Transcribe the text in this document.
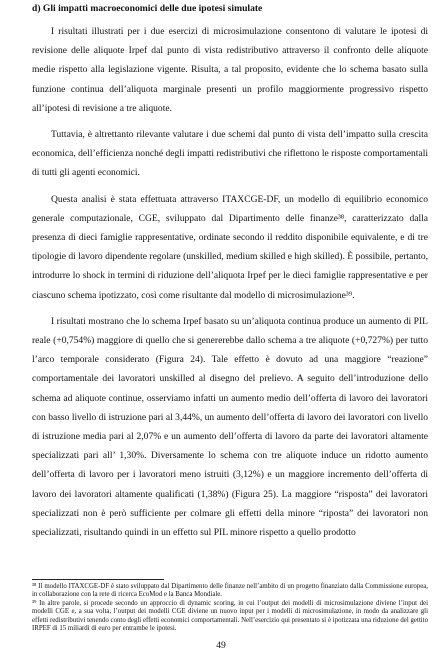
d) Gli impatti macroeconomici delle due ipotesi simulate

I risultati illustrati per i due esercizi di microsimulazione consentono di valutare le ipotesi di revisione delle aliquote Irpef dal punto di vista redistributivo attraverso il confronto delle aliquote medie rispetto alla legislazione vigente. Risulta, a tal proposito, evidente che lo schema basato sulla funzione continua dell’aliquota marginale presenti un profilo maggiormente progressivo rispetto all’ipotesi di revisione a tre aliquote.

Tuttavia, è altrettanto rilevante valutare i due schemi dal punto di vista dell’impatto sulla crescita economica, dell’efficienza nonché degli impatti redistributivi che riflettono le risposte comportamentali di tutti gli agenti economici.

Questa analisi è stata effettuata attraverso ITAXCGE-DF, un modello di equilibrio economico generale computazionale, CGE, sviluppato dal Dipartimento delle finanze³⁸, caratterizzato dalla presenza di dieci famiglie rappresentative, ordinate secondo il reddito disponibile equivalente, e di tre tipologie di lavoro dipendente regolare (unskilled, medium skilled e high skilled). È possibile, pertanto, introdurre lo shock in termini di riduzione dell’aliquota Irpef per le dieci famiglie rappresentative e per ciascuno schema ipotizzato, così come risultante dal modello di microsimulazione³⁹.

I risultati mostrano che lo schema Irpef basato su un’aliquota continua produce un aumento di PIL reale (+0,754%) maggiore di quello che si genererebbe dallo schema a tre aliquote (+0,727%) per tutto l’arco temporale considerato (Figura 24). Tale effetto è dovuto ad una maggiore “reazione” comportamentale dei lavoratori unskilled al disegno del prelievo. A seguito dell’introduzione dello schema ad aliquote continue, osserviamo infatti un aumento medio dell’offerta di lavoro dei lavoratori con basso livello di istruzione pari al 3,44%, un aumento dell’offerta di lavoro dei lavoratori con livello di istruzione media pari al 2,07% e un aumento dell’offerta di lavoro da parte dei lavoratori altamente specializzati pari all’ 1,30%. Diversamente lo schema con tre aliquote induce un ridotto aumento dell’offerta di lavoro per i lavoratori meno istruiti (3,12%) e un maggiore incremento dell’offerta di lavoro dei lavoratori altamente qualificati (1,38%) (Figura 25). La maggiore “risposta” dei lavoratori specializzati non è però sufficiente per colmare gli effetti della minore “riposta” dei lavoratori non specializzati, risultando quindi in un effetto sul PIL minore rispetto a quello prodotto

³⁸ Il modello ITAXCGE-DF è stato sviluppato dal Dipartimento delle finanze nell’ambito di un progetto finanziato dalla Commissione europea, in collaborazione con la rete di ricerca EcoMod e la Banca Mondiale.

³⁹ In altre parole, si procede secondo un approccio di dynamic scoring, in cui l’output dei modelli di microsimulazione diviene l’input dei modelli CGE e, a sua volta, l’output dei modelli CGE diviene un nuovo input per i modelli di microsimulazione, in modo da analizzare gli effetti redistributivi tenendo conto degli effetti economici comportamentali. Nell’esercizio qui presentato si è ipotizzata una riduzione del gettito IRPEF di 15 miliardi di euro per entrambe le ipotesi.

49
